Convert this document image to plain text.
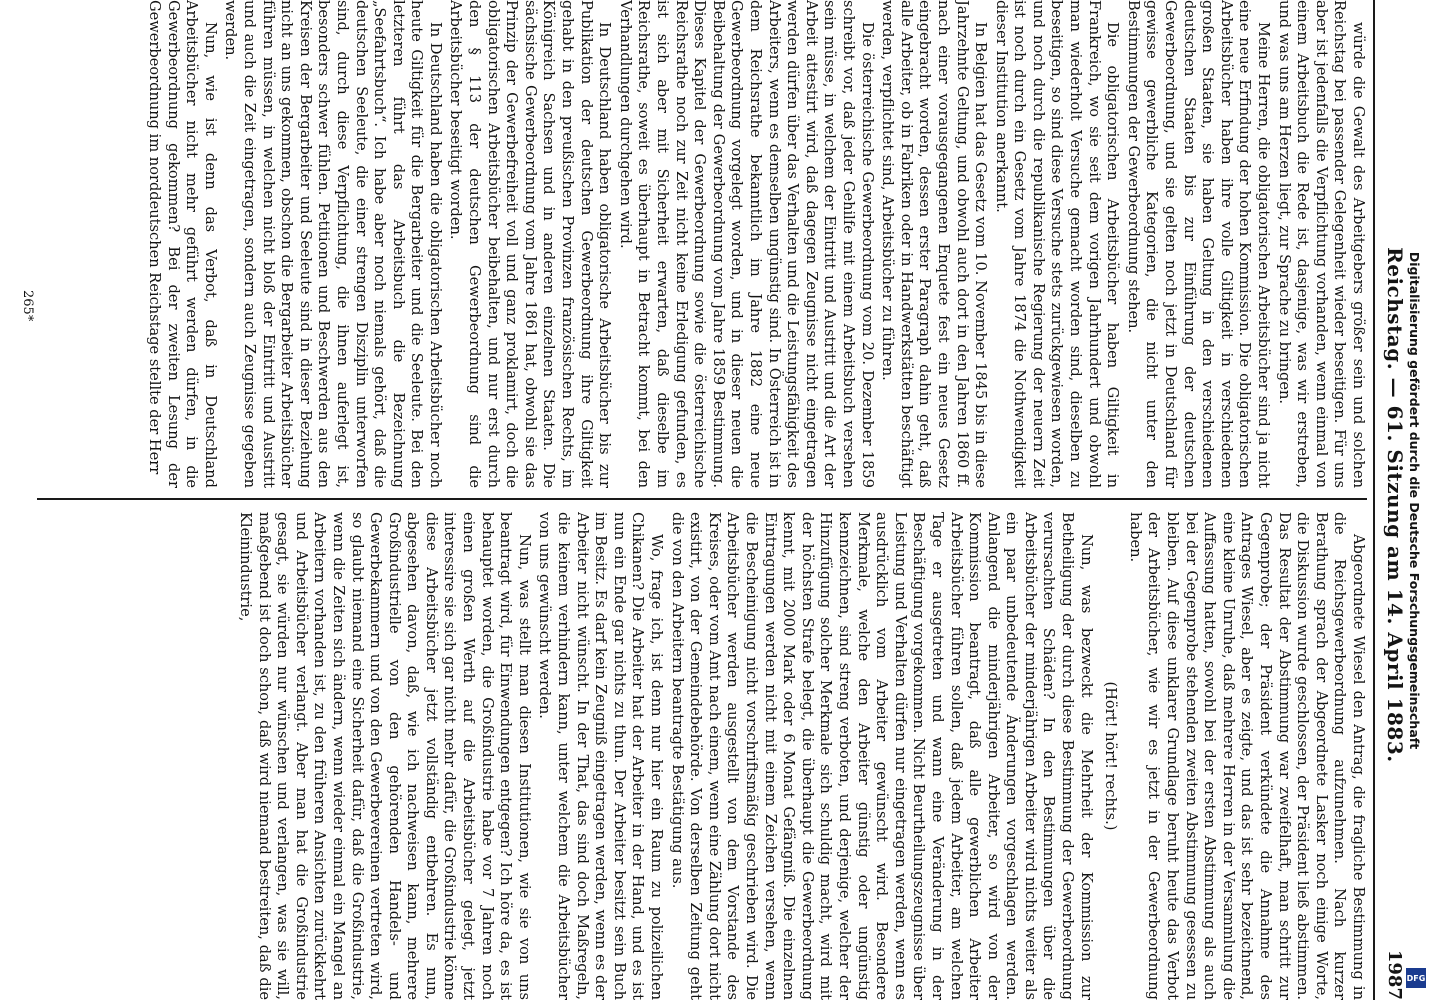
Reichstag. — 61. Sitzung am 14. April 1883.
1987

würde die Gewalt des Arbeitgebers größer sein und solchen Reichstag bei passender Gelegenheit wieder beseitigen. Für uns aber ist jedenfalls die Verpflichtung vorhanden, wenn einmal von einem Arbeitsbuch die Rede ist, dasjenige, was wir erstreben, und was uns am Herzen liegt, zur Sprache zu bringen.

Meine Herren, die obligatorischen Arbeitsbücher sind ja nicht eine neue Erfindung der hohen Kommission. Die obligatorischen Arbeitsbücher haben ihre volle Giltigkeit in verschiedenen großen Staaten, sie haben Geltung in den verschiedenen deutschen Staaten bis zur Einführung der deutschen Gewerbeordnung, und sie gelten noch jetzt in Deutschland für gewisse gewerbliche Kategorien, die nicht unter den Bestimmungen der Gewerbeordnung stehen.

Die obligatorischen Arbeitsbücher haben Giltigkeit in Frankreich, wo sie seit dem vorigen Jahrhundert und obwohl man wiederholt Versuche gemacht worden sind, dieselben zu beseitigen, so sind diese Versuche stets zurückgewiesen worden, und noch durch die republikanische Regierung der neuern Zeit ist noch durch ein Gesetz vom Jahre 1874 die Nothwendigkeit dieser Institution anerkannt.

In Belgien hat das Gesetz vom 10. November 1845 bis in diese Jahrzehnte Geltung, und obwohl auch dort in den Jahren 1860 ff. nach einer vorausgegangenen Enquete fest ein neues Gesetz eingebracht worden, dessen erster Paragraph dahin geht, daß alle Arbeiter, ob in Fabriken oder in Handwerkstätten beschäftigt werden, verpflichtet sind, Arbeitsbücher zu führen.

Die österreichische Gewerbeordnung vom 20. Dezember 1859 schreibt vor, daß jeder Gehilfe mit einem Arbeitsbuch versehen sein müsse, in welchem der Eintritt und Austritt und die Art der Arbeit attestirt wird, daß dagegen Zeugnisse nicht eingetragen werden dürfen über das Verhalten und die Leistungsfähigkeit des Arbeiters, wenn es demselben ungünstig sind. In Österreich ist in dem Reichsrathe bekanntlich im Jahre 1882 eine neue Gewerbeordnung vorgelegt worden, und in dieser neuen die Beibehaltung der Gewerbeordnung vom Jahre 1859 Bestimmung. Dieses Kapitel der Gewerbeordnung sowie die österreichische Reichsrathe noch zur Zeit nicht keine Erledigung gefunden, es ist sich aber mit Sicherheit erwarten, daß dieselbe im Reichsrathe, soweit es überhaupt in Betracht kommt, bei den Verhandlungen durchgehen wird.

In Deutschland haben obligatorische Arbeitsbücher bis zur Publikation der deutschen Gewerbeordnung ihre Giltigkeit gehabt in den preußischen Provinzen französischen Rechts, im Königreich Sachsen und in anderen einzelnen Staaten. Die sächsische Gewerbeordnung vom Jahre 1861 hat, obwohl sie das Prinzip der Gewerbefreiheit voll und ganz proklamirt, doch die obligatorischen Arbeitsbücher beibehalten, und nur erst durch den § 113 der deutschen Gewerbeordnung sind die Arbeitsbücher beseitigt worden.

In Deutschland haben die obligatorischen Arbeitsbücher noch heute Giltigkeit für die Bergarbeiter und die Seeleute. Bei den letzteren führt das Arbeitsbuch die Bezeichnung „Seefahrtsbuch“. Ich habe aber noch niemals gehört, daß die deutschen Seeleute, die einer strengen Disziplin unterworfen sind, durch diese Verpflichtung, die ihnen auferlegt ist, besonders schwer fühlen. Petitionen und Beschwerden aus den Kreisen der Bergarbeiter und Seeleute sind in dieser Beziehung nicht an uns gekommen, obschon die Bergarbeiter Arbeitsbücher führen müssen, in welchen nicht bloß der Eintritt und Austritt und auch die Zeit eingetragen, sondern auch Zeugnisse gegeben werden.

Nun, wie ist denn das Verbot, daß in Deutschland Arbeitsbücher nicht mehr geführt werden dürfen, in die Gewerbeordnung gekommen? Bei der zweiten Lesung der Gewerbeordnung im norddeutschen Reichstage stellte der Herr

Abgeordnete Wiesel den Antrag, die fragliche Bestimmung in die Reichsgewerbeordnung aufzunehmen. Nach kurzer Berathung sprach der Abgeordnete Lasker noch einige Worte, die Diskussion wurde geschlossen, der Präsident ließ abstimmen. Das Resultat der Abstimmung war zweifelhaft, man schritt zur Gegenprobe; der Präsident verkündete die Annahme des Antrages Wiesel, aber es zeigte, und das ist sehr bezeichnend, eine kleine Unruhe, daß mehrere Herren in der Versammlung die Auffassung hatten, sowohl bei der ersten Abstimmung als auch bei der Gegenprobe stehenden zweiten Abstimmung gesessen zu bleiben. Auf diese unklarer Grundlage beruht heute das Verbot der Arbeitsbücher, wie wir es jetzt in der Gewerbeordnung haben.

(Hört! hört! rechts.)

Nun, was bezweckt die Mehrheit der Kommission zur Betheiligung der durch diese Bestimmung der Gewerbeordnung verursachten Schäden? In den Bestimmungen über die Arbeitsbücher der minderjährigen Arbeiter wird nichts weiter als ein paar unbedeutende Änderungen vorgeschlagen werden. Anlangend die minderjährigen Arbeiter, so wird von der Kommission beantragt, daß alle gewerblichen Arbeiter Arbeitsbücher führen sollen, daß jedem Arbeiter, am welchen Tage er ausgetreten und wann eine Veränderung in der Beschäftigung vorgekommen. Nicht Beurtheilungszeugnisse über Leistung und Verhalten dürfen nur eingetragen werden, wenn es ausdrücklich vom Arbeiter gewünscht wird. Besondere Merkmale, welche den Arbeiter günstig oder ungünstig kennzeichnen, sind streng verboten, und derjenige, welcher der Hinzufügung solcher Merkmale sich schuldig macht, wird mit der höchsten Strafe belegt, die überhaupt die Gewerbeordnung kennt, mit 2000 Mark oder 6 Monat Gefängniß. Die einzelnen Eintragungen werden nicht mit einem Zeichen versehen, wenn die Bescheinigung nicht vorschriftsmäßig geschrieben wird. Die Arbeitsbücher werden ausgestellt von dem Vorstande des Kreises, oder vom Amt nach einem, wenn eine Zählung dort nicht existirt, von der Gemeindebehörde. Von derselben Zeitung geht die von den Arbeitern beantragte Bestätigung aus.

Wo, frage ich, ist denn nur hier ein Raum zu polizeilichen Chikanen? Die Arbeiter hat der Arbeiter in der Hand, und es ist nun ein Ende gar nichts zu thun. Der Arbeiter besitzt sein Buch im Besitz. Es darf kein Zeugniß eingetragen werden, wenn es der Arbeiter nicht wünscht. In der That, das sind doch Maßregeln, die keinem verhindern kann, unter welchem die Arbeitsbücher von uns gewünscht werden.

Nun, was stellt man diesen Institutionen, wie sie von uns beantragt wird, für Einwendungen entgegen? Ich höre da, es ist behauptet worden, die Großindustrie habe vor 7 Jahren noch einen großen Werth auf die Arbeitsbücher gelegt, jetzt interessire sie sich gar nicht mehr dafür, die Großindustrie könne diese Arbeitsbücher jetzt vollständig entbehren. Es nun, abgesehen davon, daß, wie ich nachweisen kann, mehrere Großindustrielle von den gehörenden Handels- und Gewerbekammern und von den Gewerbevereinen vertreten wird, so glaubt niemand eine Sicherheit dafür, daß die Großindustrie, wenn die Zeiten sich ändern, wenn wieder einmal ein Mangel an Arbeitern vorhanden ist, zu den früheren Ansichten zurückkehrt und Arbeitsbücher verlangt. Aber man hat die Großindustrie gesagt, sie würden nur wünschen und verlangen, was sie will, maßgebend ist doch schon, daß wird niemand bestreiten, daß die Kleinindustrie,

265*	Digitalisierung gefördert durch die Deutsche Forschungsgemeinschaft
DFG
